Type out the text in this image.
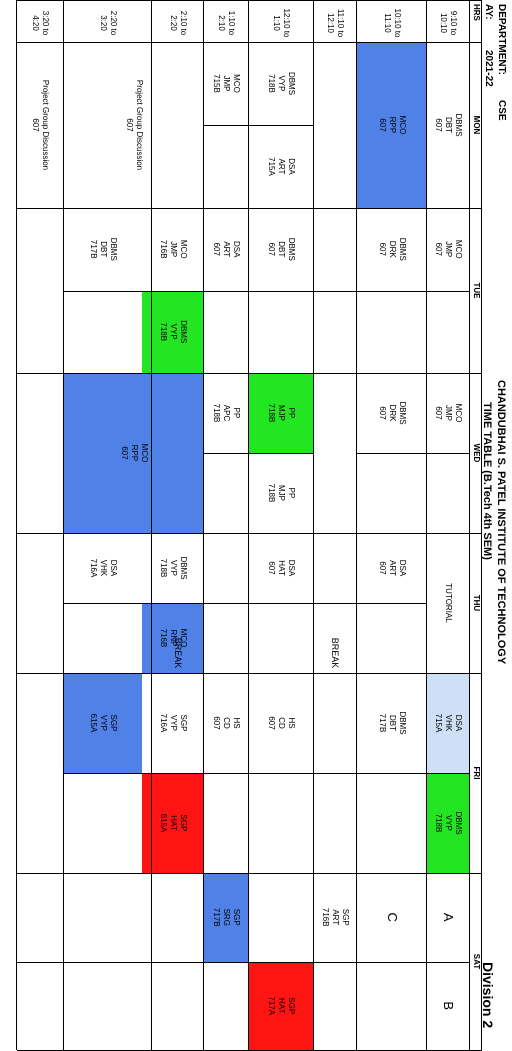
DEPARTMENT:
CSE
AY:
2021-22
CHANDUBHAI S. PATEL INSTITUTE OF TECHNOLOGY
TIME TABLE (B.Tech 4th SEM)
Division 2
HRS
MON
TUE
WED
THU
FRI
SAT
9:10 to 10:10
10:10 to 11:10
11:10 to 12:10
12:10 to 1:10
1:10 to 2:10
2:10 to 2:20
2:20 to 3:20
3:20 to 4:20
DBMS
DBT
607
MCO
RPP
607
DBMS
VYP
718B
DSA
ART
715A
MCO
JMP
715B
Project Group Discussion
607
Project Group Discussion
607
MCO
JMP
607
DBMS
DRK
607
DBMS
DBT
607
DSA
ART
607
MCO
JMP
716B
DBMS
VYP
718B
DBMS
DBT
717B
MCO
JMP
607
DBMS
DRK
607
PP
MJP
718B
PP
MJP
718B
PP
APC
718B
MCO
RPP
607
TUTORIAL
DSA
ART
607
DSA
HAT
607
DBMS
VYP
718B
MCO
RNP
716B
DSA
VHK
716A
DSA
VHK
715A
DBMS
VYP
718B
DBMS
DBT
717B
HS
CD
607
HS
CD
607
SGP
VYP
716A
SGP
HAT
615A
SGP
VYP
615A
A
B
C
SGP
ART
716B
SGP
HAT
717A
SGP
SRG
717B
BREAK
BREAK
